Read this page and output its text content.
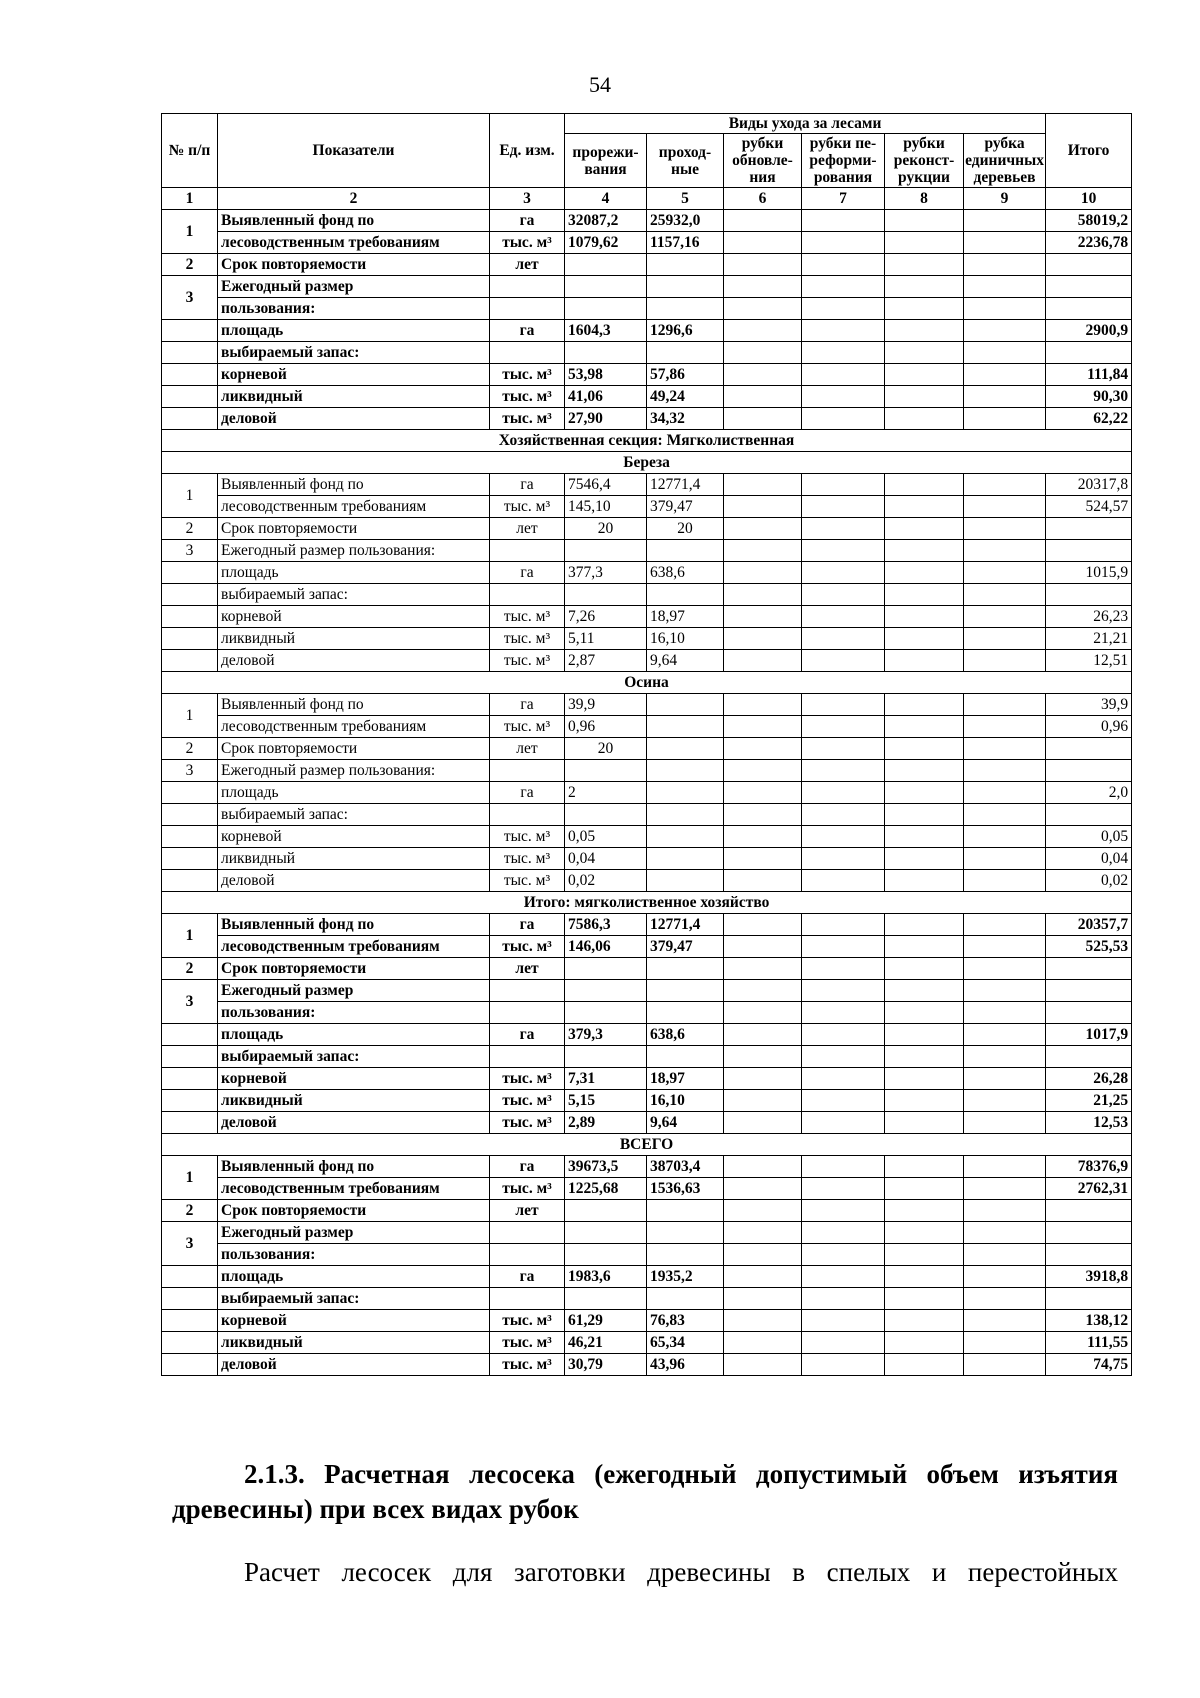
54
№ п/п	Показатели	Ед. изм.	Виды ухода за лесами						Итого
			прорежи-вания	проход-ные	рубки обновле-ния	рубки пе-реформи-рования	рубки реконст-рукции	рубка единичных деревьев	
1	2	3	4	5	6	7	8	9	10
1	Выявленный фонд по	га	32087,2	25932,0					58019,2
	лесоводственным требованиям	тыс. м³	1079,62	1157,16					2236,78
2	Срок повторяемости	лет							
3	Ежегодный размер								
	пользования:								
	площадь	га	1604,3	1296,6					2900,9
	выбираемый запас:								
	корневой	тыс. м³	53,98	57,86					111,84
	ликвидный	тыс. м³	41,06	49,24					90,30
	деловой	тыс. м³	27,90	34,32					62,22
Хозяйственная секция: Мягколиственная									
Береза									
1	Выявленный фонд по	га	7546,4	12771,4					20317,8
	лесоводственным требованиям	тыс. м³	145,10	379,47					524,57
2	Срок повторяемости	лет	20	20					
3	Ежегодный размер пользования:								
	площадь	га	377,3	638,6					1015,9
	выбираемый запас:								
	корневой	тыс. м³	7,26	18,97					26,23
	ликвидный	тыс. м³	5,11	16,10					21,21
	деловой	тыс. м³	2,87	9,64					12,51
Осина									
1	Выявленный фонд по	га	39,9						39,9
	лесоводственным требованиям	тыс. м³	0,96						0,96
2	Срок повторяемости	лет	20						
3	Ежегодный размер пользования:								
	площадь	га	2						2,0
	выбираемый запас:								
	корневой	тыс. м³	0,05						0,05
	ликвидный	тыс. м³	0,04						0,04
	деловой	тыс. м³	0,02						0,02
Итого: мягколиственное хозяйство									
1	Выявленный фонд по	га	7586,3	12771,4					20357,7
	лесоводственным требованиям	тыс. м³	146,06	379,47					525,53
2	Срок повторяемости	лет							
3	Ежегодный размер								
	пользования:								
	площадь	га	379,3	638,6					1017,9
	выбираемый запас:								
	корневой	тыс. м³	7,31	18,97					26,28
	ликвидный	тыс. м³	5,15	16,10					21,25
	деловой	тыс. м³	2,89	9,64					12,53
ВСЕГО									
1	Выявленный фонд по	га	39673,5	38703,4					78376,9
	лесоводственным требованиям	тыс. м³	1225,68	1536,63					2762,31
2	Срок повторяемости	лет							
3	Ежегодный размер								
	пользования:								
	площадь	га	1983,6	1935,2					3918,8
	выбираемый запас:								
	корневой	тыс. м³	61,29	76,83					138,12
	ликвидный	тыс. м³	46,21	65,34					111,55
	деловой	тыс. м³	30,79	43,96					74,75
2.1.3. Расчетная лесосека (ежегодный допустимый объем изъятия древесины) при всех видах рубок
Расчет лесосек для заготовки древесины в спелых и перестойных
